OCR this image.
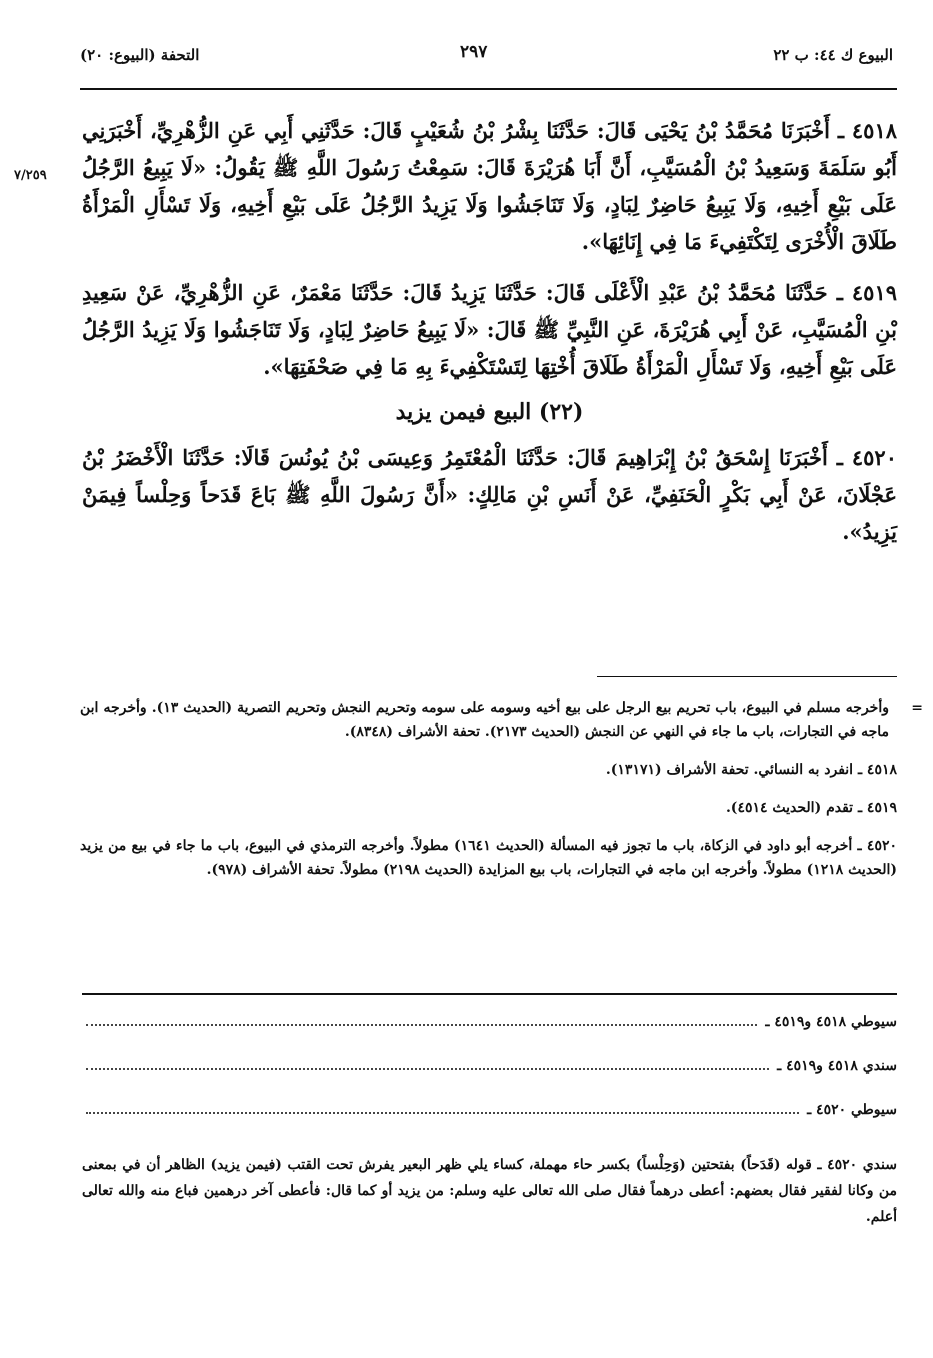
البيوع ك ٤٤: ب ٢٢
٢٩٧
التحفة (البيوع: ٢٠)
٧/٢٥٩

٤٥١٨ ـ أَخْبَرَنَا مُحَمَّدُ بْنُ يَحْيَى قَالَ: حَدَّثَنَا بِشْرُ بْنُ شُعَيْبٍ قَالَ: حَدَّثَنِي أَبِي عَنِ الزُّهْرِيِّ، أَخْبَرَنِي أَبُو سَلَمَةَ وَسَعِيدُ بْنُ الْمُسَيَّبِ، أَنَّ أَبَا هُرَيْرَةَ قَالَ: سَمِعْتُ رَسُولَ اللَّهِ ﷺ يَقُولُ: «لَا يَبِيعُ الرَّجُلُ عَلَى بَيْعِ أَخِيهِ، وَلَا يَبِيعُ حَاضِرٌ لِبَادٍ، وَلَا تَنَاجَشُوا وَلَا يَزِيدُ الرَّجُلُ عَلَى بَيْعِ أَخِيهِ، وَلَا تَسْأَلِ الْمَرْأَةُ طَلَاقَ الْأُخْرَى لِتَكْتَفِيءَ مَا فِي إِنَائِهَا».

٤٥١٩ ـ حَدَّثَنَا مُحَمَّدُ بْنُ عَبْدِ الْأَعْلَى قَالَ: حَدَّثَنَا يَزِيدُ قَالَ: حَدَّثَنَا مَعْمَرٌ، عَنِ الزُّهْرِيِّ، عَنْ سَعِيدِ بْنِ الْمُسَيَّبِ، عَنْ أَبِي هُرَيْرَةَ، عَنِ النَّبِيِّ ﷺ قَالَ: «لَا يَبِيعُ حَاضِرٌ لِبَادٍ، وَلَا تَنَاجَشُوا وَلَا يَزِيدُ الرَّجُلُ عَلَى بَيْعِ أَخِيهِ، وَلَا تَسْأَلِ الْمَرْأَةُ طَلَاقَ أُخْتِهَا لِتَسْتَكْفِيءَ بِهِ مَا فِي صَحْفَتِهَا».

(٢٢) البيع فيمن يزيد

٤٥٢٠ ـ أَخْبَرَنَا إِسْحَقُ بْنُ إِبْرَاهِيمَ قَالَ: حَدَّثَنَا الْمُعْتَمِرُ وَعِيسَى بْنُ يُونُسَ قَالَا: حَدَّثَنَا الْأَخْضَرُ بْنُ عَجْلَانَ، عَنْ أَبِي بَكْرٍ الْحَنَفِيِّ، عَنْ أَنَسِ بْنِ مَالِكٍ: «أَنَّ رَسُولَ اللَّهِ ﷺ بَاعَ قَدَحاً وَحِلْساً فِيمَنْ يَزِيدُ».

=
وأخرجه مسلم في البيوع، باب تحريم بيع الرجل على بيع أخيه وسومه على سومه وتحريم النجش وتحريم التصرية (الحديث ١٣). وأخرجه ابن ماجه في التجارات، باب ما جاء في النهي عن النجش (الحديث ٢١٧٣). تحفة الأشراف (٨٣٤٨).

٤٥١٨ ـ انفرد به النسائي. تحفة الأشراف (١٣١٧١).

٤٥١٩ ـ تقدم (الحديث ٤٥١٤).

٤٥٢٠ ـ أخرجه أبو داود في الزكاة، باب ما تجوز فيه المسألة (الحديث ١٦٤١) مطولاً. وأخرجه الترمذي في البيوع، باب ما جاء في بيع من يزيد (الحديث ١٢١٨) مطولاً. وأخرجه ابن ماجه في التجارات، باب بيع المزايدة (الحديث ٢١٩٨) مطولاً. تحفة الأشراف (٩٧٨).

سيوطي ٤٥١٨ و٤٥١٩ ـ
سندي ٤٥١٨ و٤٥١٩ ـ
سيوطي ٤٥٢٠ ـ

سندي ٤٥٢٠ ـ قوله (قَدَحاً) بفتحتين (وَحِلْساً) بكسر حاء مهملة، كساء يلي ظهر البعير يفرش تحت القتب (فيمن يزيد) الظاهر أن في بمعنى من وكانا لفقير فقال بعضهم: أعطى درهماً فقال صلى الله تعالى عليه وسلم: من يزيد أو كما قال: فأعطى آخر درهمين فباع منه والله تعالى أعلم.
